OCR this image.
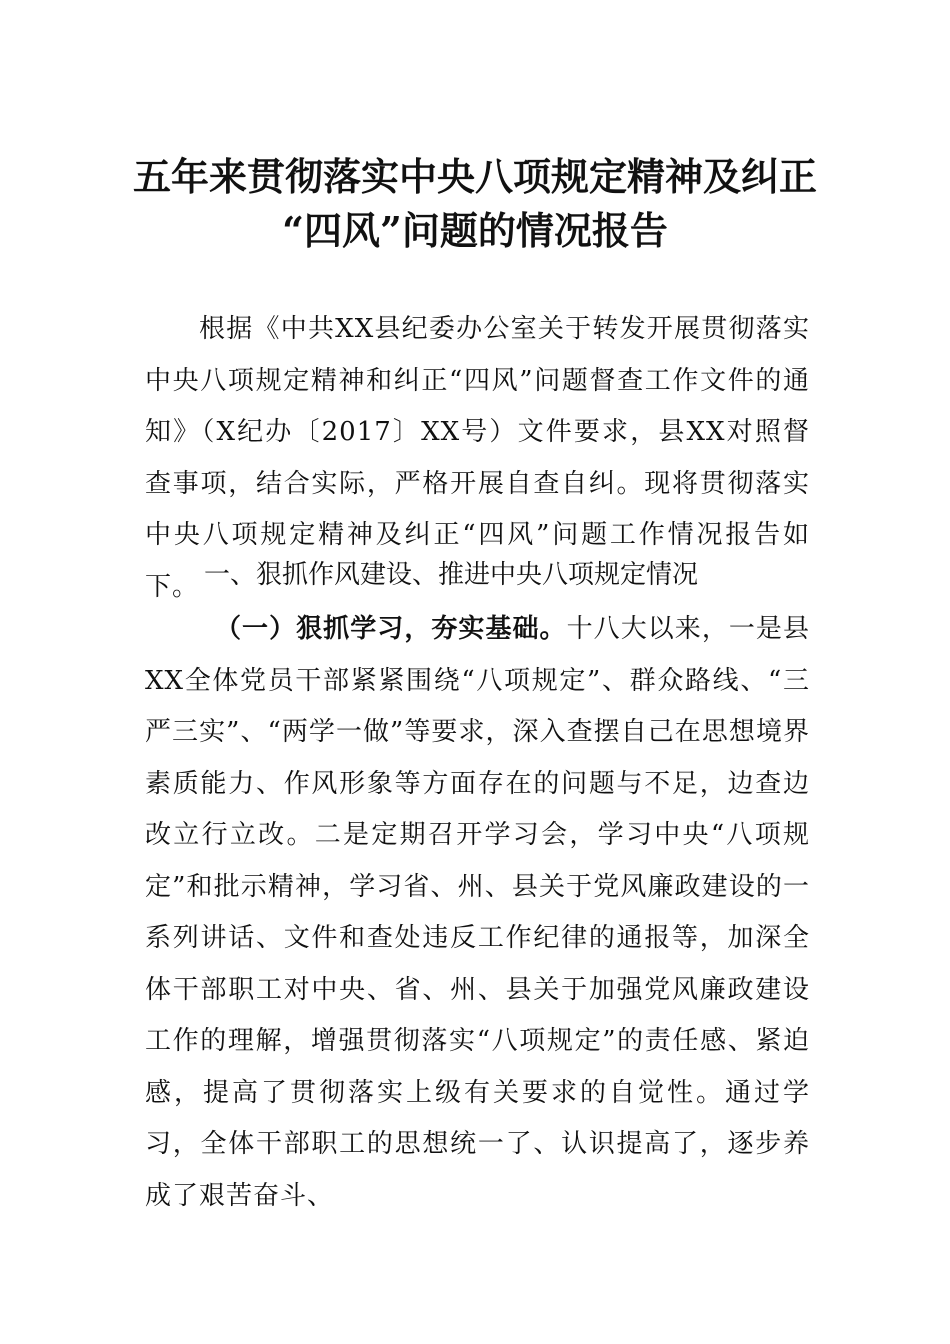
五年来贯彻落实中央八项规定精神及纠正
“四风”问题的情况报告
根据《中共XX县纪委办公室关于转发开展贯彻落实中央八项规定精神和纠正“四风”问题督查工作文件的通知》（X纪办〔2017〕XX号）文件要求，县XX对照督查事项，结合实际，严格开展自查自纠。现将贯彻落实中央八项规定精神及纠正“四风”问题工作情况报告如下。 一、狠抓作风建设、推进中央八项规定情况
（一）狠抓学习，夯实基础。十八大以来，一是县XX全体党员干部紧紧围绕“八项规定”、群众路线、“三严三实”、“两学一做”等要求，深入查摆自己在思想境界素质能力、作风形象等方面存在的问题与不足，边查边改立行立改。二是定期召开学习会，学习中央“八项规定”和批示精神，学习省、州、县关于党风廉政建设的一系列讲话、文件和查处违反工作纪律的通报等，加深全体干部职工对中央、省、州、县关于加强党风廉政建设工作的理解，增强贯彻落实“八项规定”的责任感、紧迫感，提高了贯彻落实上级有关要求的自觉性。通过学习，全体干部职工的思想统一了、认识提高了，逐步养成了艰苦奋斗、
